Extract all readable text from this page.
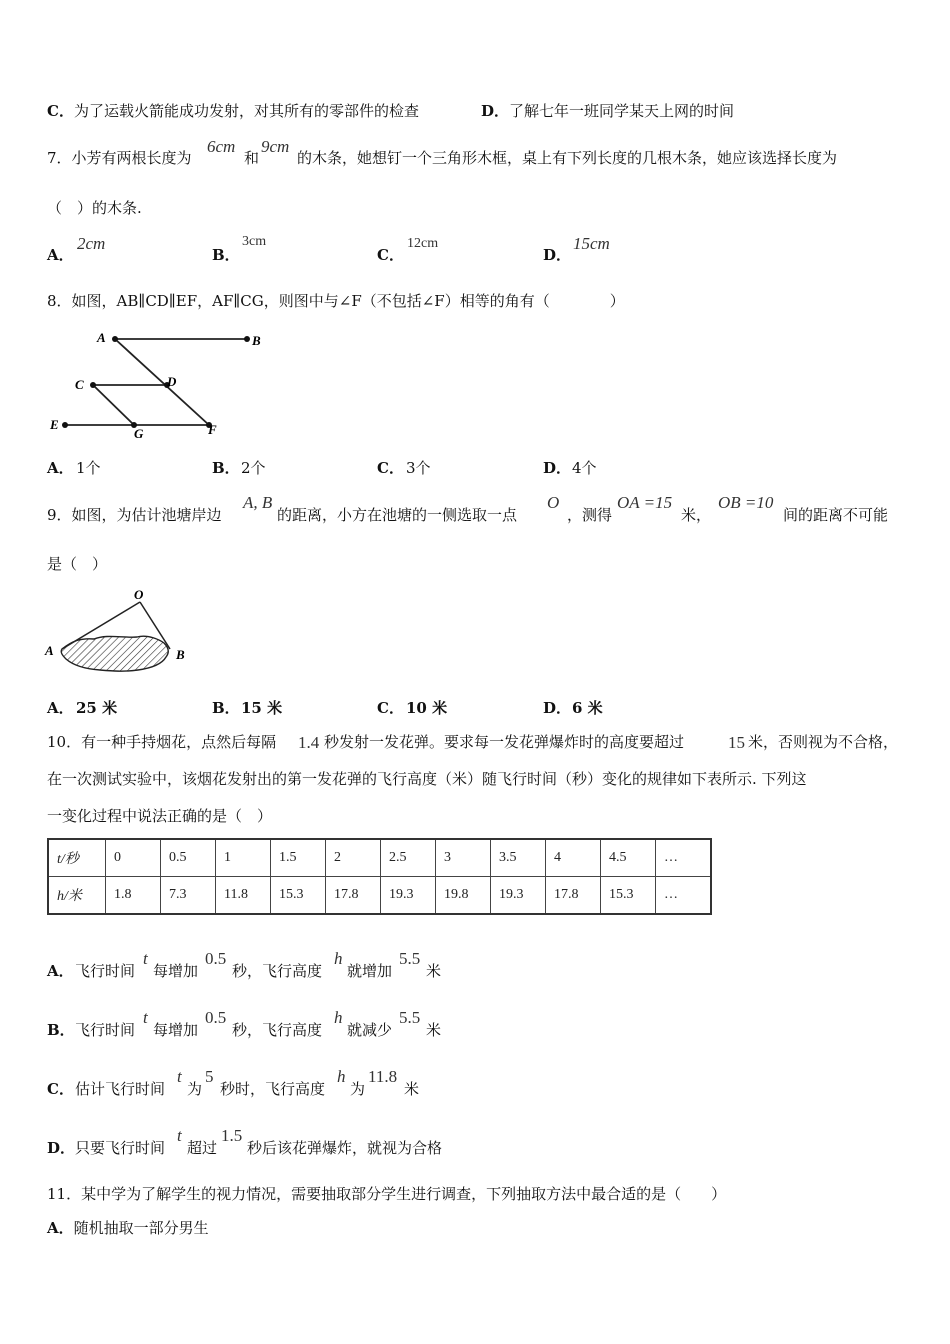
C．为了运载火箭能成功发射，对其所有的零部件的检查	D．了解七年一班同学某天上网的时间
7．小芳有两根长度为
6cm
和
9cm
的木条，她想钉一个三角形木框，桌上有下列长度的几根木条，她应该选择长度为
（　）的木条.
A．
2cm
B．
3cm
C．
12cm
D．
15cm
8．如图，AB∥CD∥EF，AF∥CG，则图中与∠F（不包括∠F）相等的角有（　　　　）
A	B
C	D
E
G	F
A． 1个	B． 2个	C． 3个	D． 4个
9．如图，为估计池塘岸边
A, B
的距离，小方在池塘的一侧选取一点
O
，测得
OA =15
米，
OB =10
间的距离不可能
是（　）
O
A	B
A． 25 米	B． 15 米	C． 10 米	D． 6 米
10．有一种手持烟花，点然后每隔 1.4 秒发射一发花弹。要求每一发花弹爆炸时的高度要超过	15 米，否则视为不合格，
在一次测试实验中，该烟花发射出的第一发花弹的飞行高度（米）随飞行时间（秒）变化的规律如下表所示. 下列这
一变化过程中说法正确的是（　）
t/秒	0	0.5	1	1.5	2	2.5	3	3.5	4	4.5	…
h/米	1.8	7.3	11.8	15.3	17.8	19.3	19.8	19.3	17.8	15.3	…
A． 飞行时间
t
每增加
0.5
秒，飞行高度
h
就增加
5.5
米
B． 飞行时间
t
每增加
0.5
秒，飞行高度
h
就减少
5.5
米
C． 估计飞行时间
t
为
5
秒时，飞行高度
h
为
11.8
米
D． 只要飞行时间
t
超过
1.5
秒后该花弹爆炸，就视为合格
11．某中学为了解学生的视力情况，需要抽取部分学生进行调查，下列抽取方法中最合适的是（　　）
A．随机抽取一部分男生
